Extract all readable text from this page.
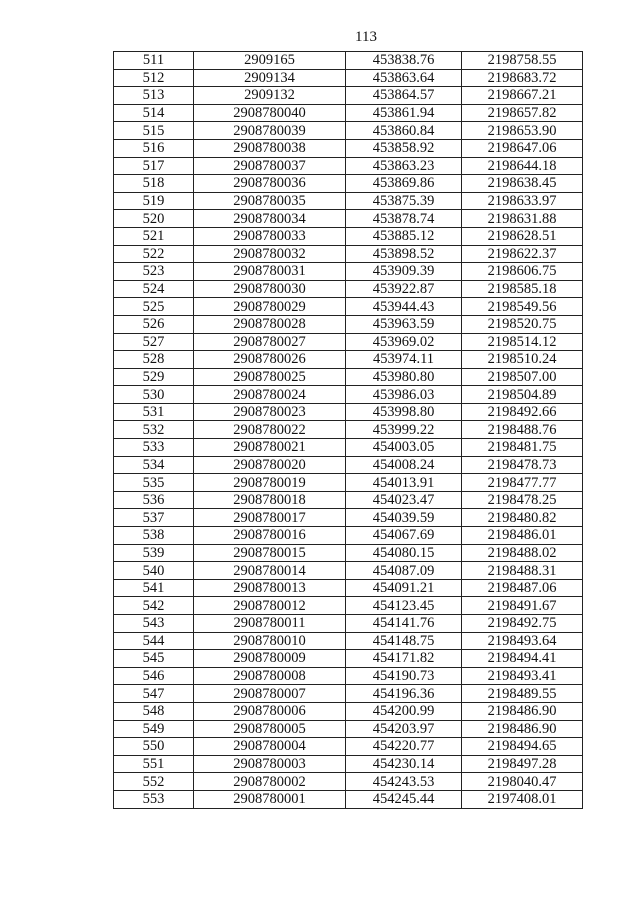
113
511	2909165	453838.76	2198758.55
512	2909134	453863.64	2198683.72
513	2909132	453864.57	2198667.21
514	2908780040	453861.94	2198657.82
515	2908780039	453860.84	2198653.90
516	2908780038	453858.92	2198647.06
517	2908780037	453863.23	2198644.18
518	2908780036	453869.86	2198638.45
519	2908780035	453875.39	2198633.97
520	2908780034	453878.74	2198631.88
521	2908780033	453885.12	2198628.51
522	2908780032	453898.52	2198622.37
523	2908780031	453909.39	2198606.75
524	2908780030	453922.87	2198585.18
525	2908780029	453944.43	2198549.56
526	2908780028	453963.59	2198520.75
527	2908780027	453969.02	2198514.12
528	2908780026	453974.11	2198510.24
529	2908780025	453980.80	2198507.00
530	2908780024	453986.03	2198504.89
531	2908780023	453998.80	2198492.66
532	2908780022	453999.22	2198488.76
533	2908780021	454003.05	2198481.75
534	2908780020	454008.24	2198478.73
535	2908780019	454013.91	2198477.77
536	2908780018	454023.47	2198478.25
537	2908780017	454039.59	2198480.82
538	2908780016	454067.69	2198486.01
539	2908780015	454080.15	2198488.02
540	2908780014	454087.09	2198488.31
541	2908780013	454091.21	2198487.06
542	2908780012	454123.45	2198491.67
543	2908780011	454141.76	2198492.75
544	2908780010	454148.75	2198493.64
545	2908780009	454171.82	2198494.41
546	2908780008	454190.73	2198493.41
547	2908780007	454196.36	2198489.55
548	2908780006	454200.99	2198486.90
549	2908780005	454203.97	2198486.90
550	2908780004	454220.77	2198494.65
551	2908780003	454230.14	2198497.28
552	2908780002	454243.53	2198040.47
553	2908780001	454245.44	2197408.01
